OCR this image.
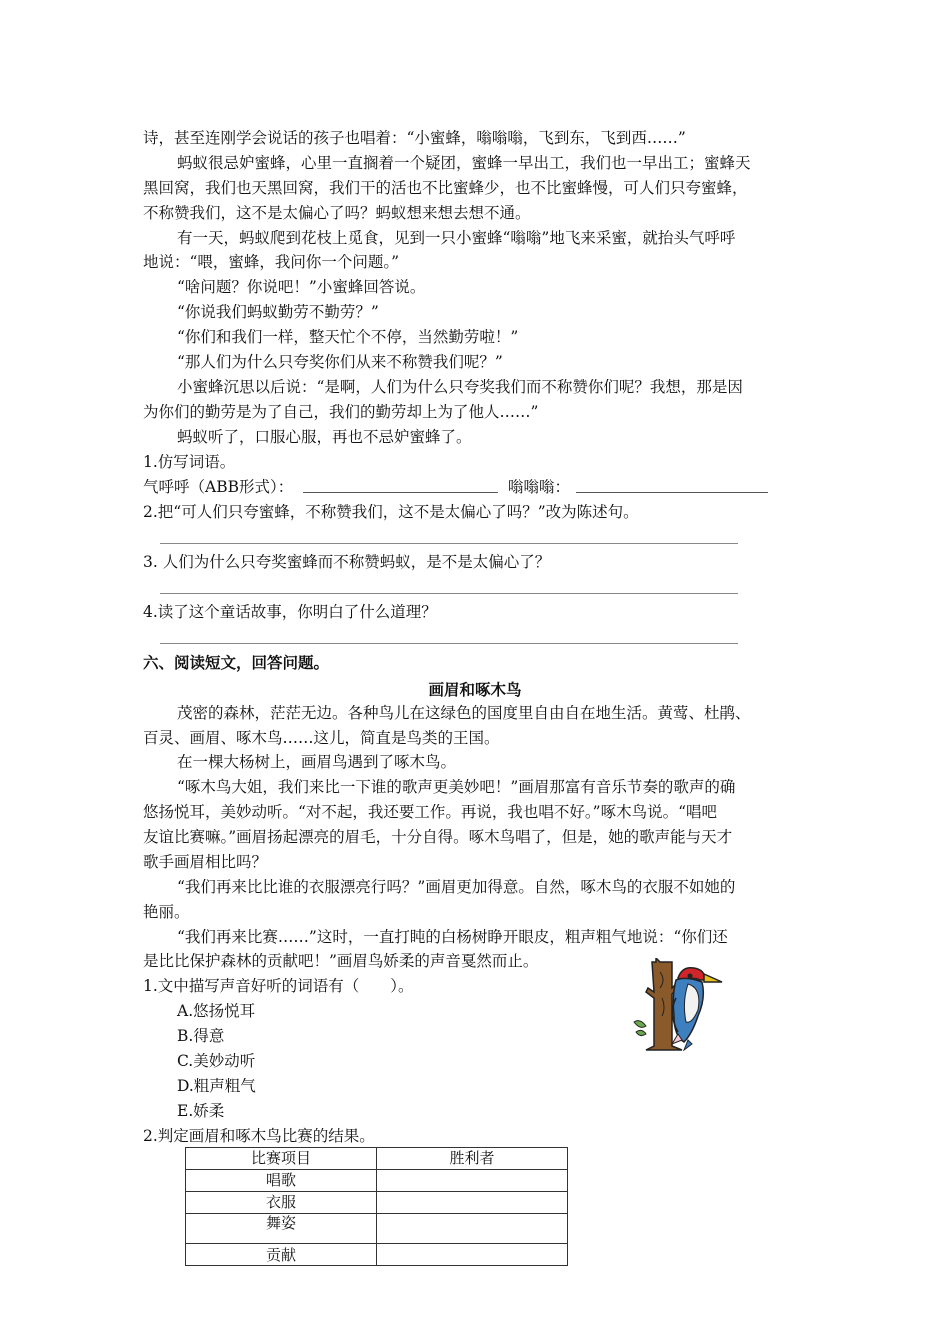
诗，甚至连刚学会说话的孩子也唱着：“小蜜蜂，嗡嗡嗡，飞到东，飞到西……”
蚂蚁很忌妒蜜蜂，心里一直搁着一个疑团，蜜蜂一早出工，我们也一早出工；蜜蜂天
黑回窝，我们也天黑回窝，我们干的活也不比蜜蜂少，也不比蜜蜂慢，可人们只夸蜜蜂，
不称赞我们，这不是太偏心了吗？蚂蚁想来想去想不通。
有一天，蚂蚁爬到花枝上觅食，见到一只小蜜蜂“嗡嗡”地飞来采蜜，就抬头气呼呼
地说：“喂，蜜蜂，我问你一个问题。”
“啥问题？你说吧！”小蜜蜂回答说。
“你说我们蚂蚁勤劳不勤劳？”
“你们和我们一样，整天忙个不停，当然勤劳啦！”
“那人们为什么只夸奖你们从来不称赞我们呢？”
小蜜蜂沉思以后说：“是啊，人们为什么只夸奖我们而不称赞你们呢？我想，那是因
为你们的勤劳是为了自己，我们的勤劳却上为了他人……”
蚂蚁听了，口服心服，再也不忌妒蜜蜂了。
1.仿写词语。
气呼呼（ABB形式）：	嗡嗡嗡：
2.把“可人们只夸蜜蜂，不称赞我们，这不是太偏心了吗？”改为陈述句。
3. 人们为什么只夸奖蜜蜂而不称赞蚂蚁，是不是太偏心了？
4.读了这个童话故事，你明白了什么道理？
六、阅读短文，回答问题。
画眉和啄木鸟
茂密的森林，茫茫无边。各种鸟儿在这绿色的国度里自由自在地生活。黄莺、杜鹃、
百灵、画眉、啄木鸟……这儿，简直是鸟类的王国。
在一棵大杨树上，画眉鸟遇到了啄木鸟。
“啄木鸟大姐，我们来比一下谁的歌声更美妙吧！”画眉那富有音乐节奏的歌声的确
悠扬悦耳，美妙动听。“对不起，我还要工作。再说，我也唱不好。”啄木鸟说。“唱吧
友谊比赛嘛。”画眉扬起漂亮的眉毛，十分自得。啄木鸟唱了，但是，她的歌声能与天才
歌手画眉相比吗？
“我们再来比比谁的衣服漂亮行吗？”画眉更加得意。自然，啄木鸟的衣服不如她的
艳丽。
“我们再来比赛……”这时，一直打盹的白杨树睁开眼皮，粗声粗气地说：“你们还
是比比保护森林的贡献吧！”画眉鸟娇柔的声音戛然而止。
1.文中描写声音好听的词语有（　　）。
A.悠扬悦耳
B.得意
C.美妙动听
D.粗声粗气
E.娇柔
2.判定画眉和啄木鸟比赛的结果。
比赛项目	胜利者
唱歌	
衣服	
舞姿	
贡献	
